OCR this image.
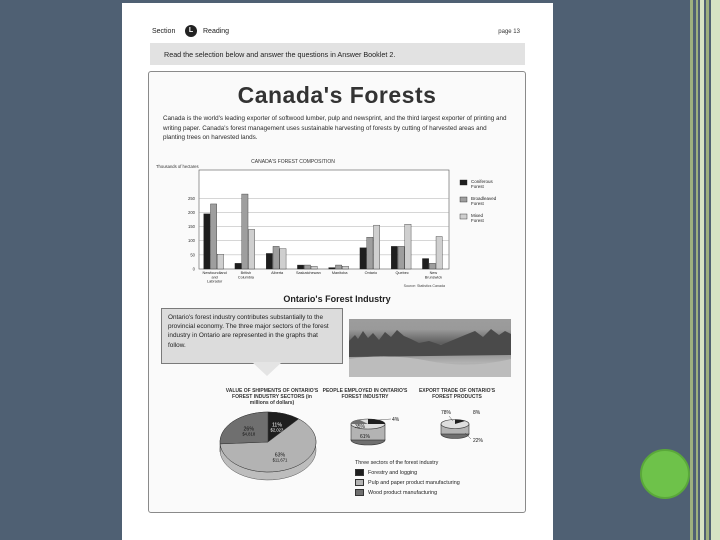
Section	L	Reading	page 13
Read the selection below and answer the questions in Answer Booklet 2.
Canada's Forests
Canada is the world's leading exporter of softwood lumber, pulp and newsprint, and the third largest exporter of printing and writing paper. Canada's forest management uses sustainable harvesting of forests by cutting of harvested areas and planting trees on harvested lands.
CANADA'S FOREST COMPOSITION
Thousands of hectares
0
50
100
150
200
250
Newfoundland
and
Labrador
British
Columbia
Alberta	Saskatchewan	Manitoba	Ontario	Quebec	New
Brunswick
Coniferous
Forest
Broadleaved
Forest
Mixed
Forest
Source: Statistics Canada
Ontario's Forest Industry
Ontario's forest industry contributes substantially to the provincial economy. The three major sectors of the forest industry in Ontario are represented in the graphs that follow.
VALUE OF SHIPMENTS OF ONTARIO'S FOREST INDUSTRY SECTORS (in millions of dollars)
PEOPLE EMPLOYED IN ONTARIO'S FOREST INDUSTRY
EXPORT TRADE OF ONTARIO'S FOREST PRODUCTS
11%
$2,023
63%
$11,671
26%
$4,818
35%
61%
4%
78%	8%
22%
Three sectors of the forest industry
Forestry and logging
Pulp and paper product manufacturing
Wood product manufacturing
